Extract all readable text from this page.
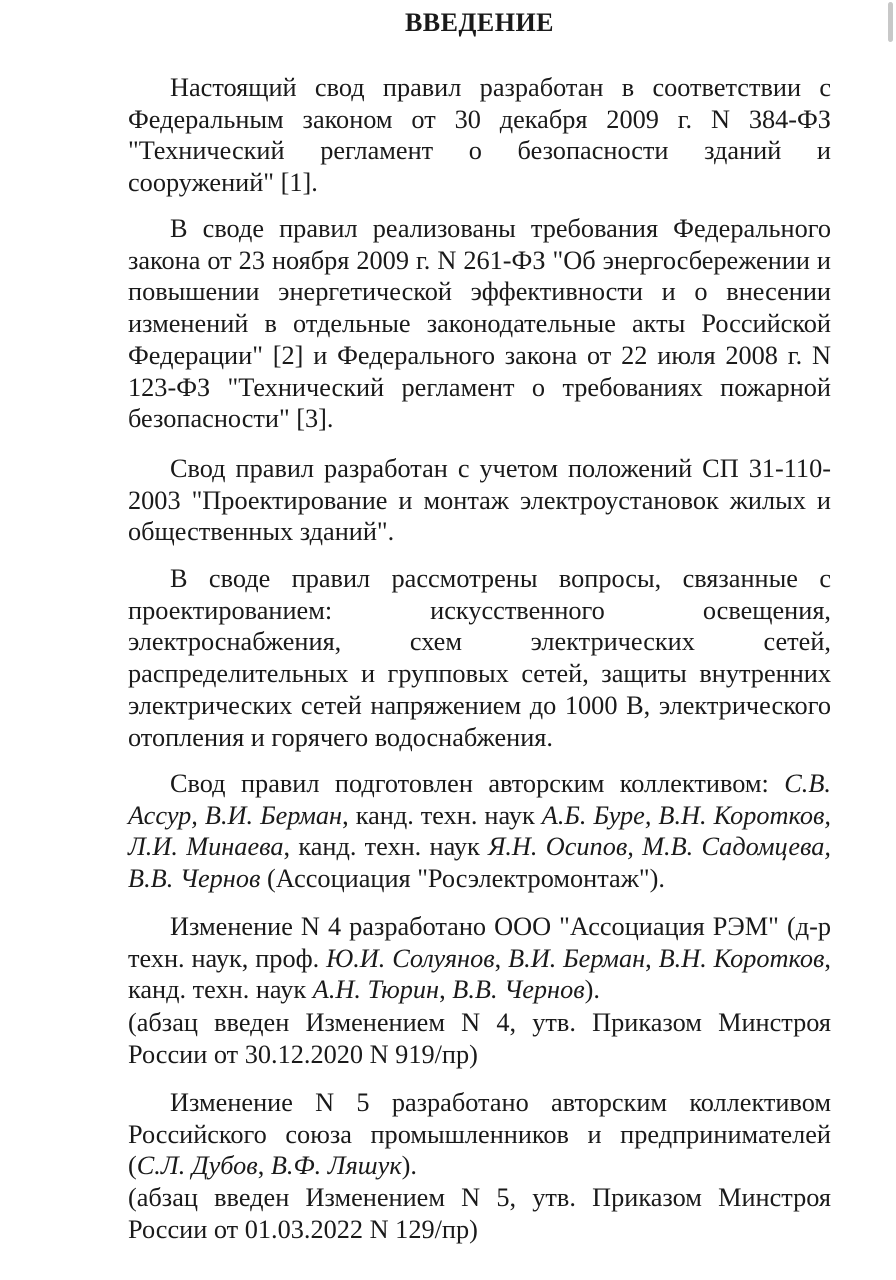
ВВЕДЕНИЕ

Настоящий свод правил разработан в соответствии с Федеральным законом от 30 декабря 2009 г. N 384-ФЗ "Технический регламент о безопасности зданий и сооружений" [1].

В своде правил реализованы требования Федерального закона от 23 ноября 2009 г. N 261-ФЗ "Об энергосбережении и повышении энергетической эффективности и о внесении изменений в отдельные законодательные акты Российской Федерации" [2] и Федерального закона от 22 июля 2008 г. N 123-ФЗ "Технический регламент о требованиях пожарной безопасности" [3].

Свод правил разработан с учетом положений СП 31-110-2003 "Проектирование и монтаж электроустановок жилых и общественных зданий".

В своде правил рассмотрены вопросы, связанные с проектированием: искусственного освещения, электроснабжения, схем электрических сетей, распределительных и групповых сетей, защиты внутренних электрических сетей напряжением до 1000 В, электрического отопления и горячего водоснабжения.

Свод правил подготовлен авторским коллективом: С.В. Ассур, В.И. Берман, канд. техн. наук А.Б. Буре, В.Н. Коротков, Л.И. Минаева, канд. техн. наук Я.Н. Осипов, М.В. Садомцева, В.В. Чернов (Ассоциация "Росэлектромонтаж").

Изменение N 4 разработано ООО "Ассоциация РЭМ" (д-р техн. наук, проф. Ю.И. Солуянов, В.И. Берман, В.Н. Коротков, канд. техн. наук А.Н. Тюрин, В.В. Чернов).

(абзац введен Изменением N 4, утв. Приказом Минстроя России от 30.12.2020 N 919/пр)

Изменение N 5 разработано авторским коллективом Российского союза промышленников и предпринимателей (С.Л. Дубов, В.Ф. Ляшук).

(абзац введен Изменением N 5, утв. Приказом Минстроя России от 01.03.2022 N 129/пр)
